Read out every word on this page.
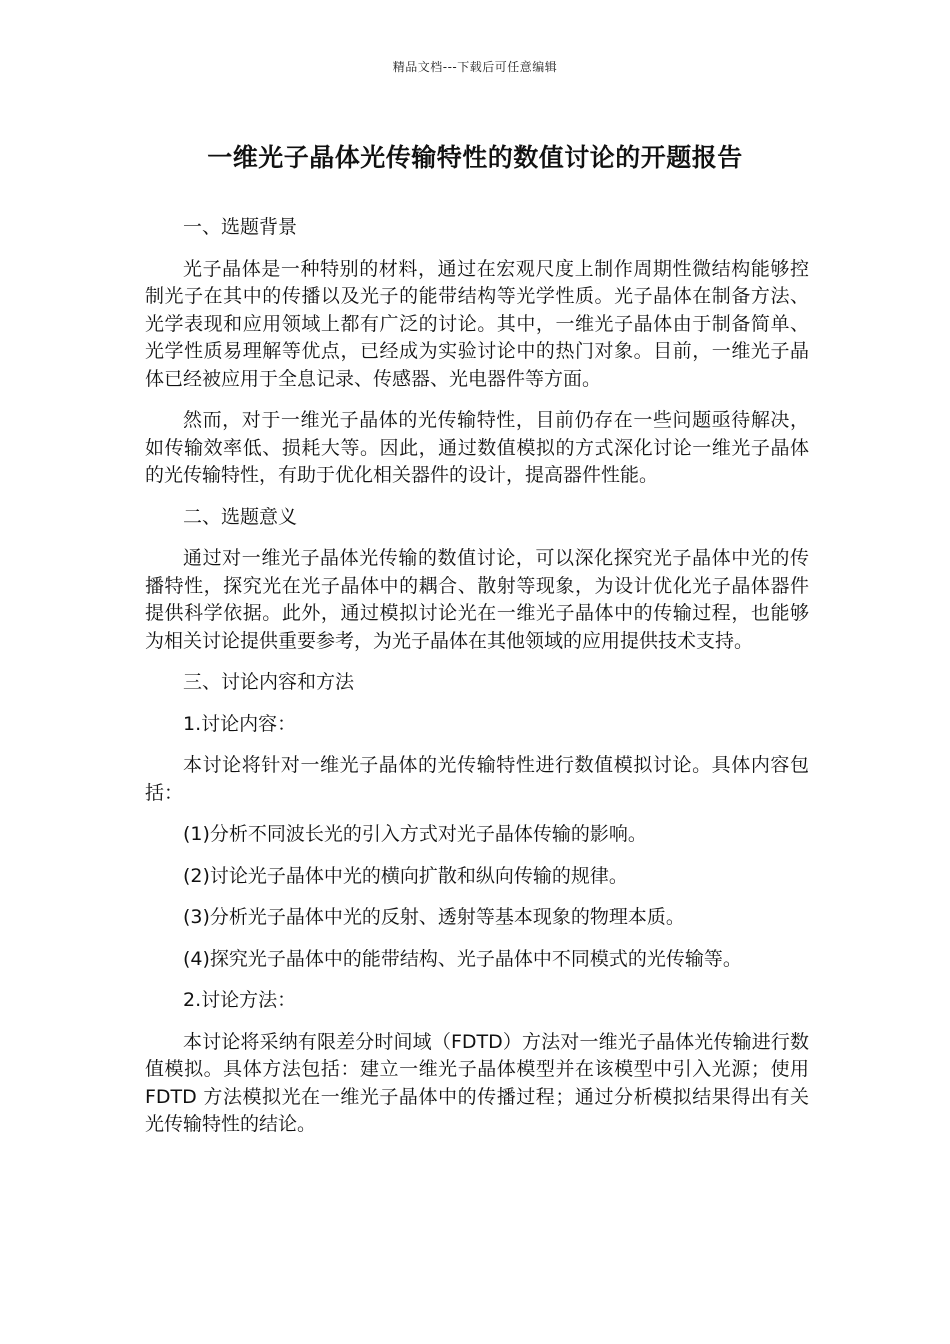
精品文档---下载后可任意编辑
一维光子晶体光传输特性的数值讨论的开题报告

一、选题背景

光子晶体是一种特别的材料，通过在宏观尺度上制作周期性微结构能够控制光子在其中的传播以及光子的能带结构等光学性质。光子晶体在制备方法、光学表现和应用领域上都有广泛的讨论。其中，一维光子晶体由于制备简单、光学性质易理解等优点，已经成为实验讨论中的热门对象。目前，一维光子晶体已经被应用于全息记录、传感器、光电器件等方面。

然而，对于一维光子晶体的光传输特性，目前仍存在一些问题亟待解决，如传输效率低、损耗大等。因此，通过数值模拟的方式深化讨论一维光子晶体的光传输特性，有助于优化相关器件的设计，提高器件性能。

二、选题意义

通过对一维光子晶体光传输的数值讨论，可以深化探究光子晶体中光的传播特性，探究光在光子晶体中的耦合、散射等现象，为设计优化光子晶体器件提供科学依据。此外，通过模拟讨论光在一维光子晶体中的传输过程，也能够为相关讨论提供重要参考，为光子晶体在其他领域的应用提供技术支持。

三、讨论内容和方法

1.讨论内容：

本讨论将针对一维光子晶体的光传输特性进行数值模拟讨论。具体内容包括：

(1)分析不同波长光的引入方式对光子晶体传输的影响。

(2)讨论光子晶体中光的横向扩散和纵向传输的规律。

(3)分析光子晶体中光的反射、透射等基本现象的物理本质。

(4)探究光子晶体中的能带结构、光子晶体中不同模式的光传输等。

2.讨论方法：

本讨论将采纳有限差分时间域（FDTD）方法对一维光子晶体光传输进行数值模拟。具体方法包括：建立一维光子晶体模型并在该模型中引入光源；使用 FDTD 方法模拟光在一维光子晶体中的传播过程；通过分析模拟结果得出有关光传输特性的结论。
